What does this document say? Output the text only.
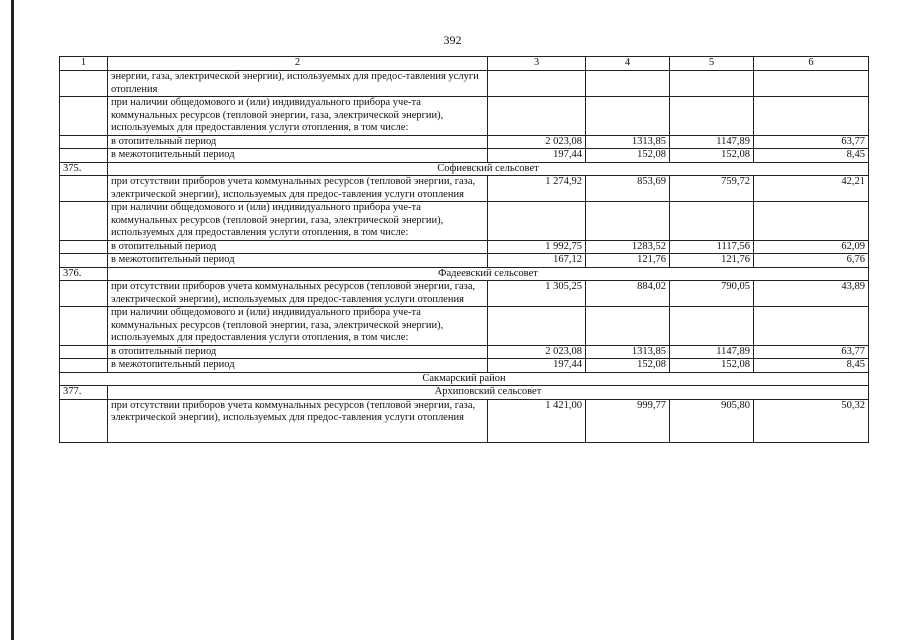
392
1	2	3	4	5	6
	энергии, газа, электрической энергии), используемых для предос-тавления услуги отопления				
	при наличии общедомового и (или) индивидуального прибора уче-та коммунальных ресурсов (тепловой энергии, газа, электрической энергии), используемых для предоставления услуги отопления, в том числе:				
	в отопительный период	2 023,08	1313,85	1147,89	63,77
	в межотопительный период	197,44	152,08	152,08	8,45
375.	Софиевский сельсовет				
	при отсутствии приборов учета коммунальных ресурсов (тепловой энергии, газа, электрической энергии), используемых для предос-тавления услуги отопления	1 274,92	853,69	759,72	42,21
	при наличии общедомового и (или) индивидуального прибора уче-та коммунальных ресурсов (тепловой энергии, газа, электрической энергии), используемых для предоставления услуги отопления, в том числе:				
	в отопительный период	1 992,75	1283,52	1117,56	62,09
	в межотопительный период	167,12	121,76	121,76	6,76
376.	Фадеевский сельсовет				
	при отсутствии приборов учета коммунальных ресурсов (тепловой энергии, газа, электрической энергии), используемых для предос-тавления услуги отопления	1 305,25	884,02	790,05	43,89
	при наличии общедомового и (или) индивидуального прибора уче-та коммунальных ресурсов (тепловой энергии, газа, электрической энергии), используемых для предоставления услуги отопления, в том числе:				
	в отопительный период	2 023,08	1313,85	1147,89	63,77
	в межотопительный период	197,44	152,08	152,08	8,45
Сакмарский район					
377.	Архиповский сельсовет				
	при отсутствии приборов учета коммунальных ресурсов (тепловой энергии, газа, электрической энергии), используемых для предос-тавления услуги отопления	1 421,00	999,77	905,80	50,32
